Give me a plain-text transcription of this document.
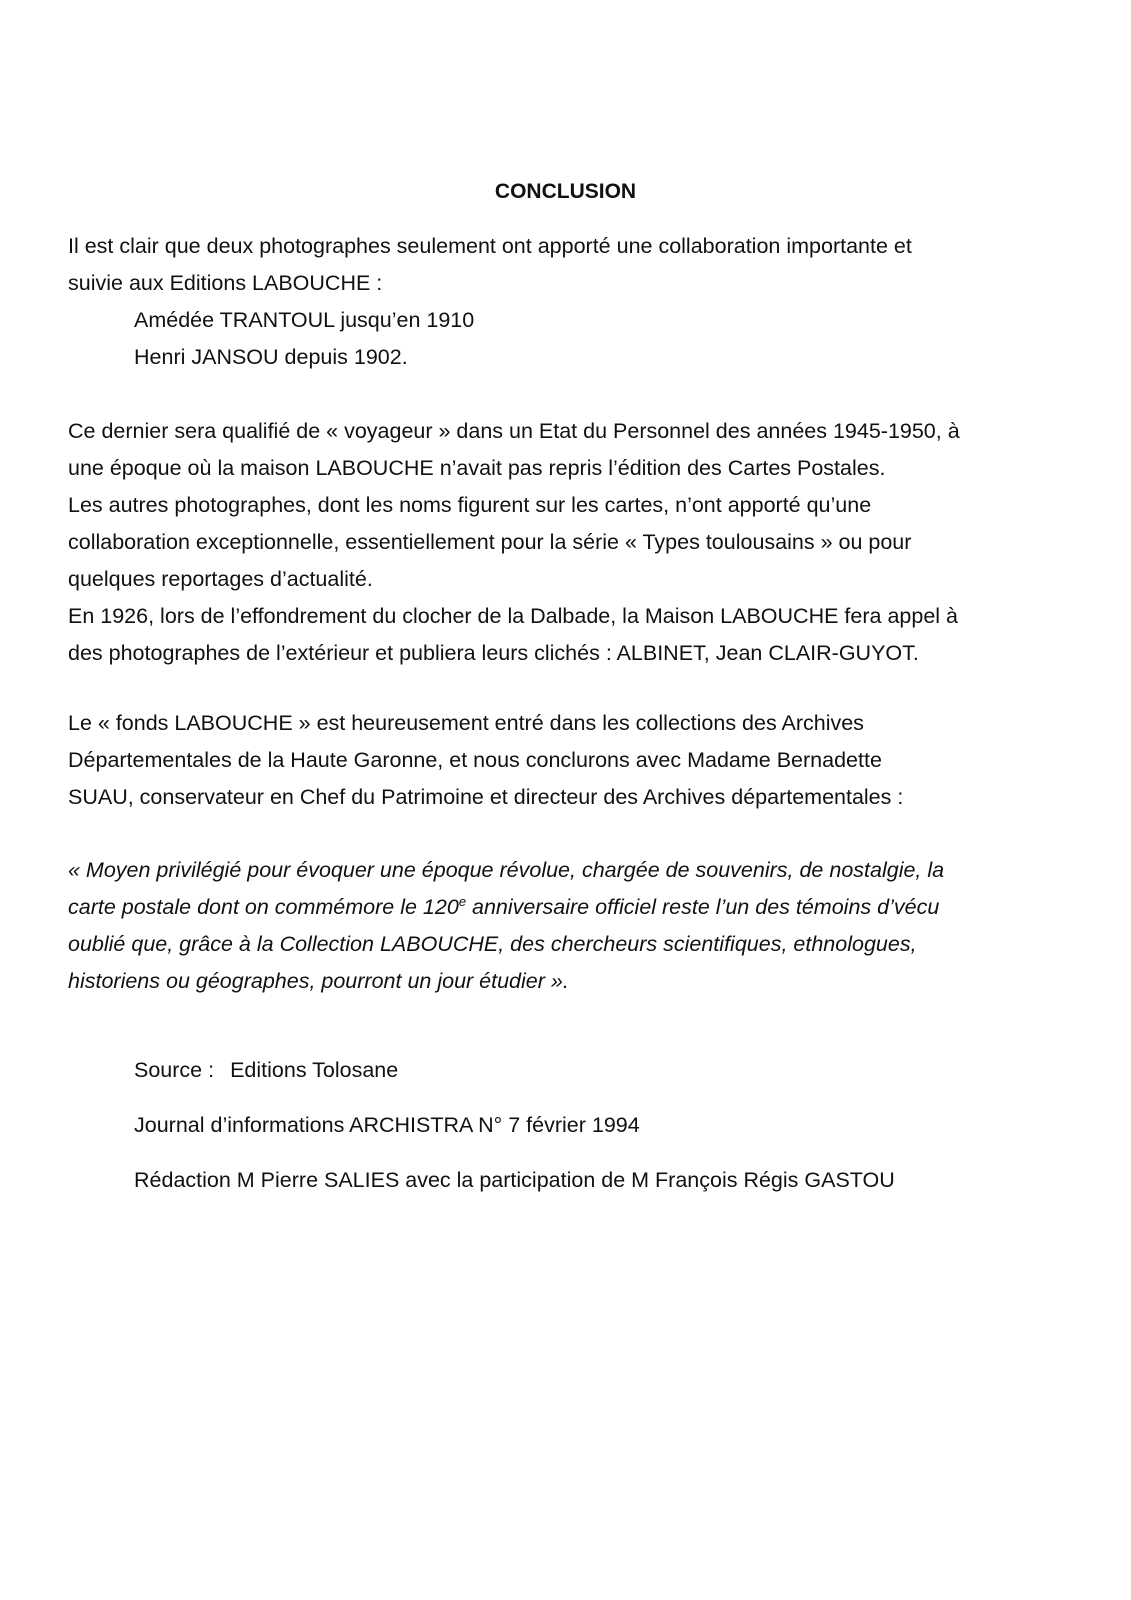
CONCLUSION
Il est clair que deux photographes seulement ont apporté une collaboration importante et
suivie aux Editions LABOUCHE :
Amédée TRANTOUL jusqu’en 1910
Henri JANSOU depuis 1902.
Ce dernier sera qualifié de « voyageur » dans un Etat du Personnel des années 1945-1950, à
une époque où la maison LABOUCHE n’avait pas repris l’édition des Cartes Postales.
Les autres photographes, dont les noms figurent sur les cartes, n’ont apporté qu’une
collaboration exceptionnelle, essentiellement pour la série « Types toulousains » ou pour
quelques reportages d’actualité.
En 1926, lors de l’effondrement du clocher de la Dalbade, la Maison LABOUCHE fera appel à
des photographes de l’extérieur et publiera leurs clichés : ALBINET, Jean CLAIR-GUYOT.
Le « fonds LABOUCHE » est heureusement entré dans les collections des Archives
Départementales de la Haute Garonne, et nous conclurons avec Madame Bernadette
SUAU, conservateur en Chef du Patrimoine et directeur des Archives départementales :
« Moyen privilégié pour évoquer une époque révolue, chargée de souvenirs, de nostalgie, la
carte postale dont on commémore le 120e anniversaire officiel reste l’un des témoins d’vécu
oublié que, grâce à la Collection LABOUCHE, des chercheurs scientifiques, ethnologues,
historiens ou géographes, pourront un jour étudier ».
Source : Editions Tolosane
Journal d’informations ARCHISTRA N° 7 février 1994
Rédaction M Pierre SALIES avec la participation de M François Régis GASTOU
